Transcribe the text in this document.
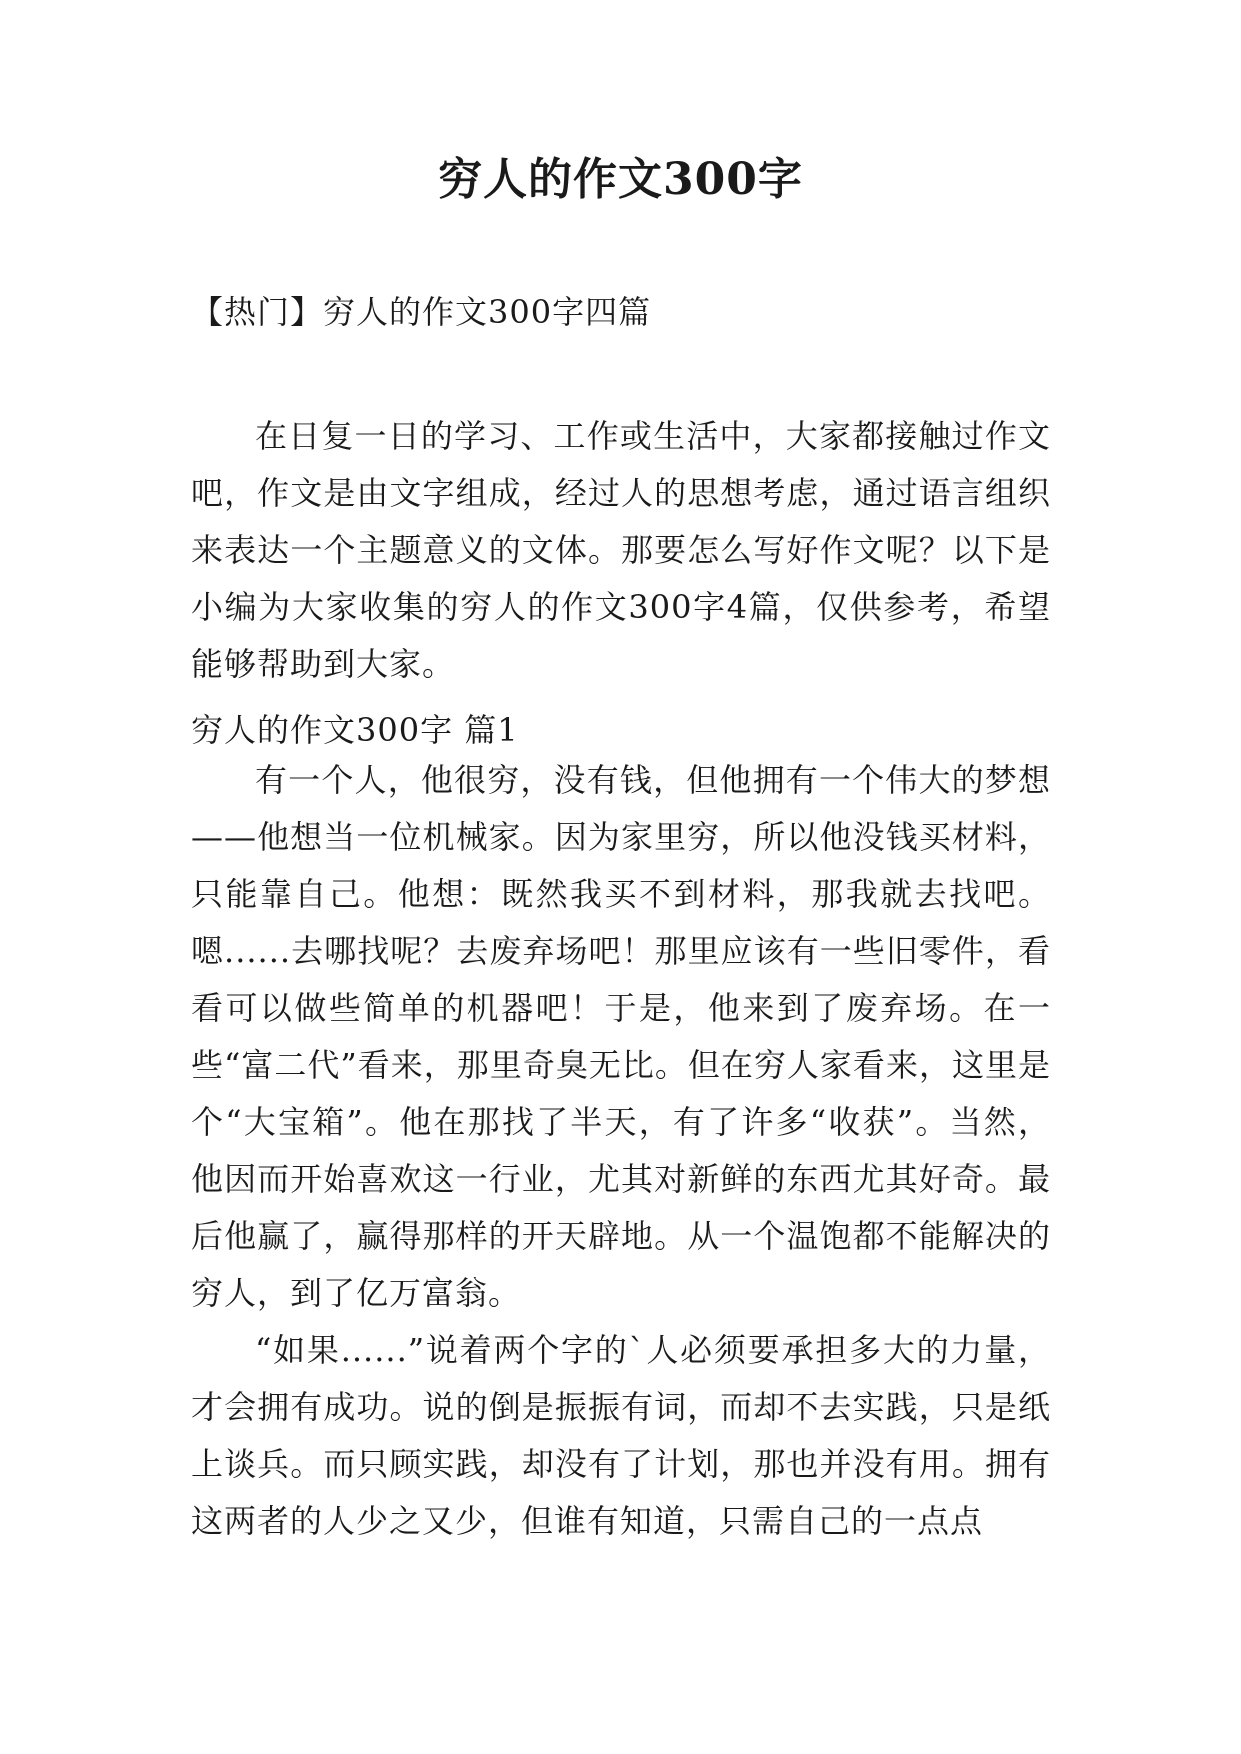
穷人的作文300字
【热门】穷人的作文300字四篇

在日复一日的学习、工作或生活中，大家都接触过作文吧，作文是由文字组成，经过人的思想考虑，通过语言组织来表达一个主题意义的文体。那要怎么写好作文呢？以下是小编为大家收集的穷人的作文300字4篇，仅供参考，希望能够帮助到大家。

穷人的作文300字 篇1

有一个人，他很穷，没有钱，但他拥有一个伟大的梦想——他想当一位机械家。因为家里穷，所以他没钱买材料，只能靠自己。他想：既然我买不到材料，那我就去找吧。嗯......去哪找呢？去废弃场吧！那里应该有一些旧零件，看看可以做些简单的机器吧！于是，他来到了废弃场。在一些“富二代”看来，那里奇臭无比。但在穷人家看来，这里是个“大宝箱”。他在那找了半天，有了许多“收获”。当然，他因而开始喜欢这一行业，尤其对新鲜的东西尤其好奇。最后他赢了，赢得那样的开天辟地。从一个温饱都不能解决的穷人，到了亿万富翁。

“如果......”说着两个字的`人必须要承担多大的力量，才会拥有成功。说的倒是振振有词，而却不去实践，只是纸上谈兵。而只顾实践，却没有了计划，那也并没有用。拥有这两者的人少之又少，但谁有知道，只需自己的一点点
